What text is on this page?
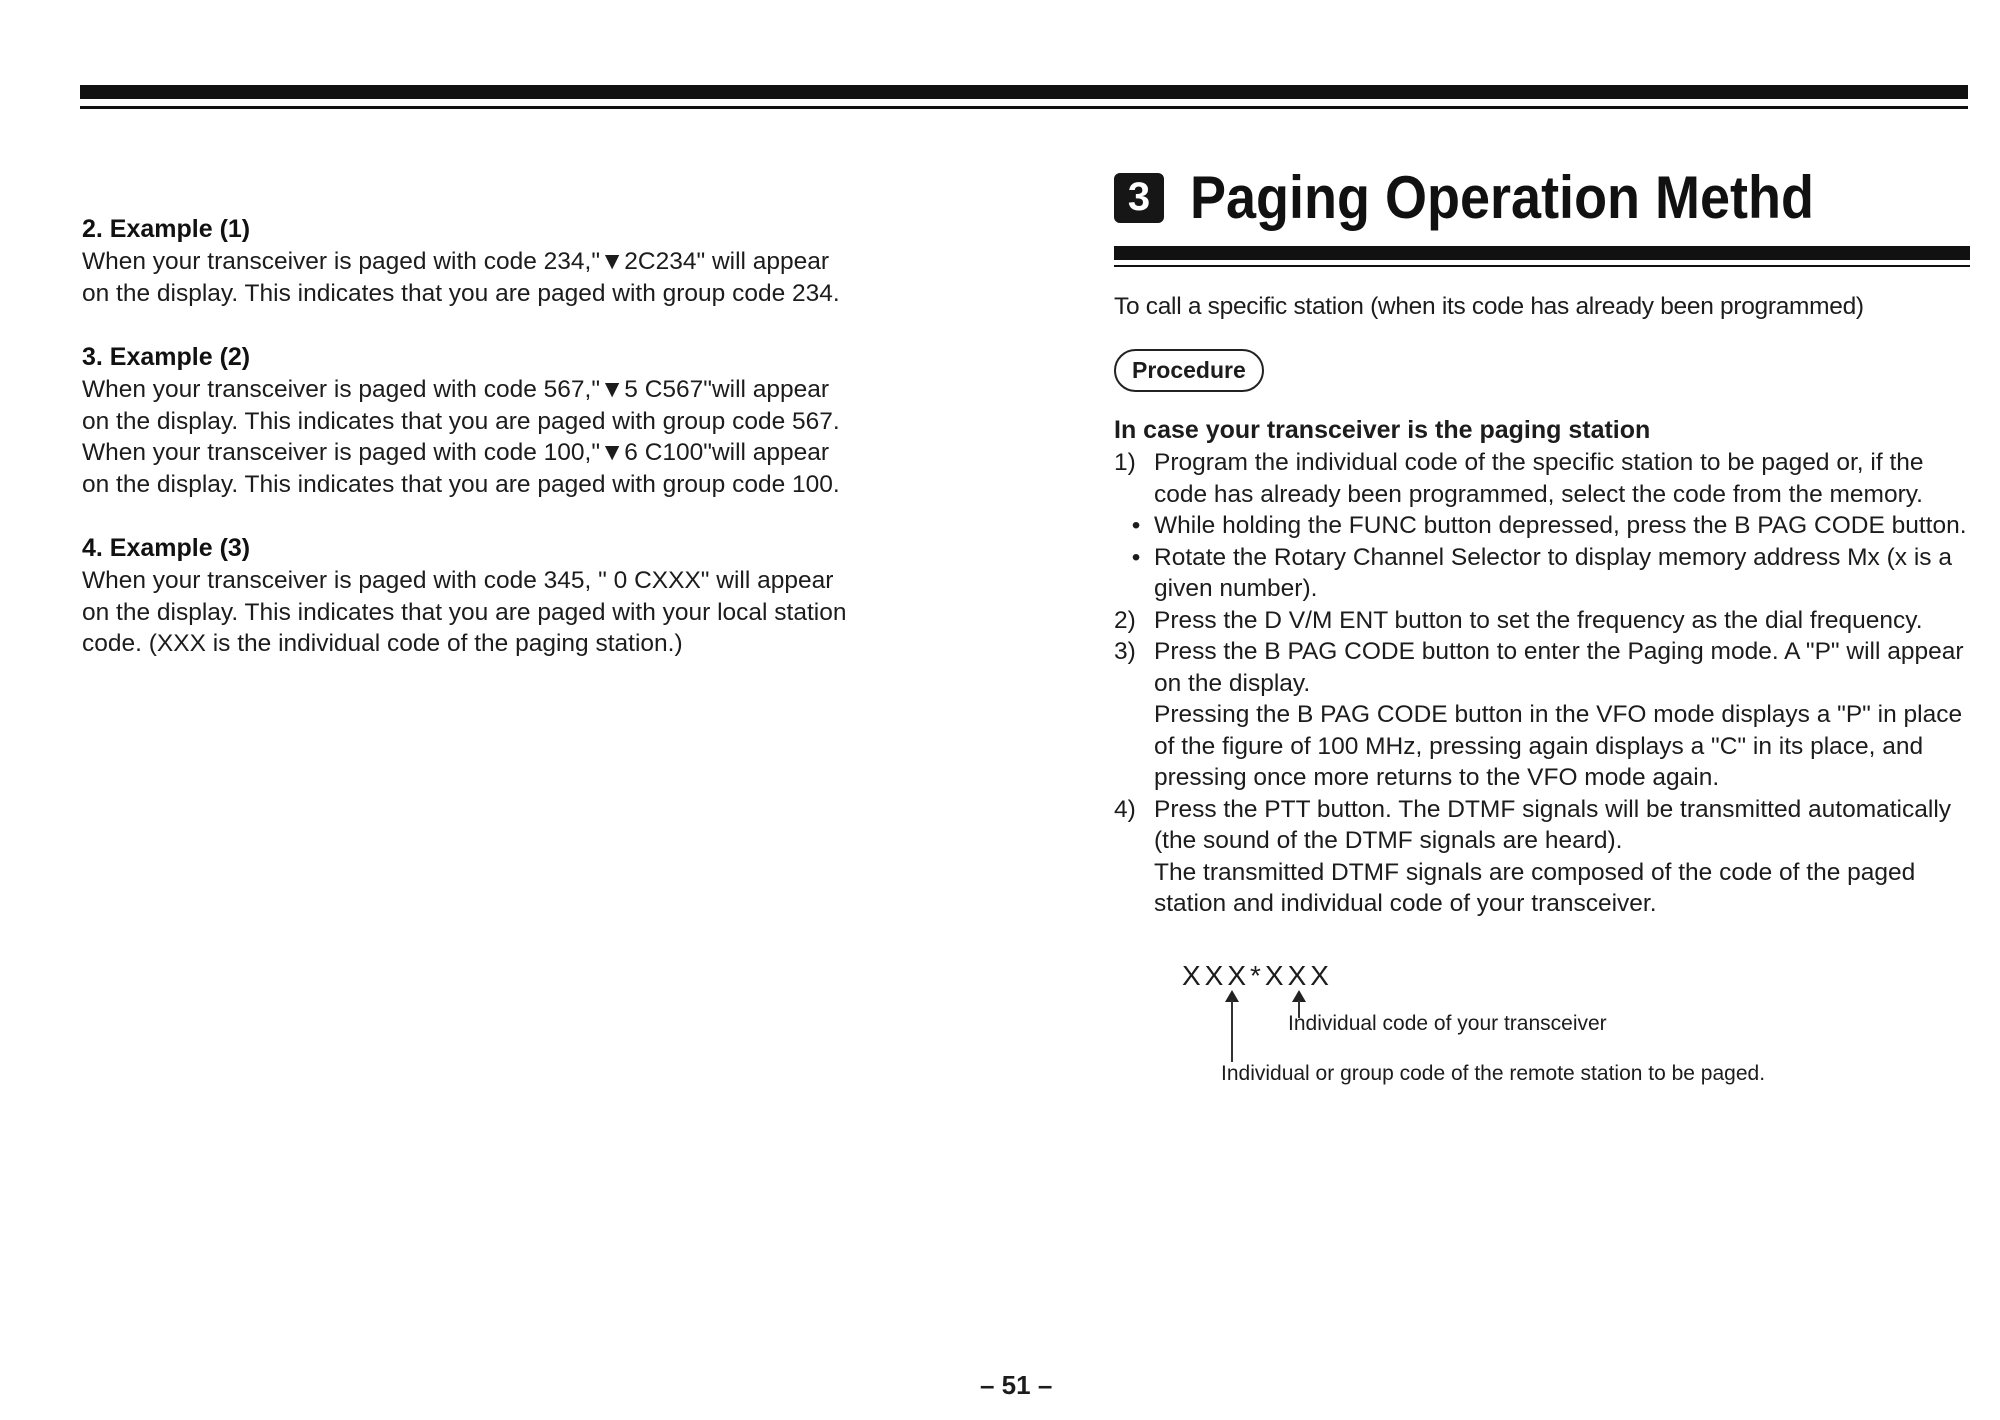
2. Example (1)

When your transceiver is paged with code 234,"▼2C234" will appear

on the display. This indicates that you are paged with group code 234.

3. Example (2)

When your transceiver is paged with code 567,"▼5 C567"will appear

on the display. This indicates that you are paged with group code 567.

When your transceiver is paged with code 100,"▼6 C100"will appear

on the display. This indicates that you are paged with group code 100.

4. Example (3)

When your transceiver is paged with code 345, " 0 CXXX" will appear

on the display. This indicates that you are paged with your local station

code. (XXX is the individual code of the paging station.)

3 Paging Operation Methd
To call a specific station (when its code has already been programmed)
Procedure
In case your transceiver is the paging station
1) Program the individual code of the specific station to be paged or, if the code has already been programmed, select the code from the memory.
• While holding the FUNC button depressed, press the B PAG CODE button.
• Rotate the Rotary Channel Selector to display memory address Mx (x is a given number).
2) Press the D V/M ENT button to set the frequency as the dial frequency.
3) Press the B PAG CODE button to enter the Paging mode. A "P" will appear on the display.
Pressing the B PAG CODE button in the VFO mode displays a "P" in place of the figure of 100 MHz, pressing again displays a "C" in its place, and pressing once more returns to the VFO mode again.
4) Press the PTT button. The DTMF signals will be transmitted automatically (the sound of the DTMF signals are heard).
The transmitted DTMF signals are composed of the code of the paged station and individual code of your transceiver.
XXX*XXX
Individual code of your transceiver
Individual or group code of the remote station to be paged.
– 51 –
